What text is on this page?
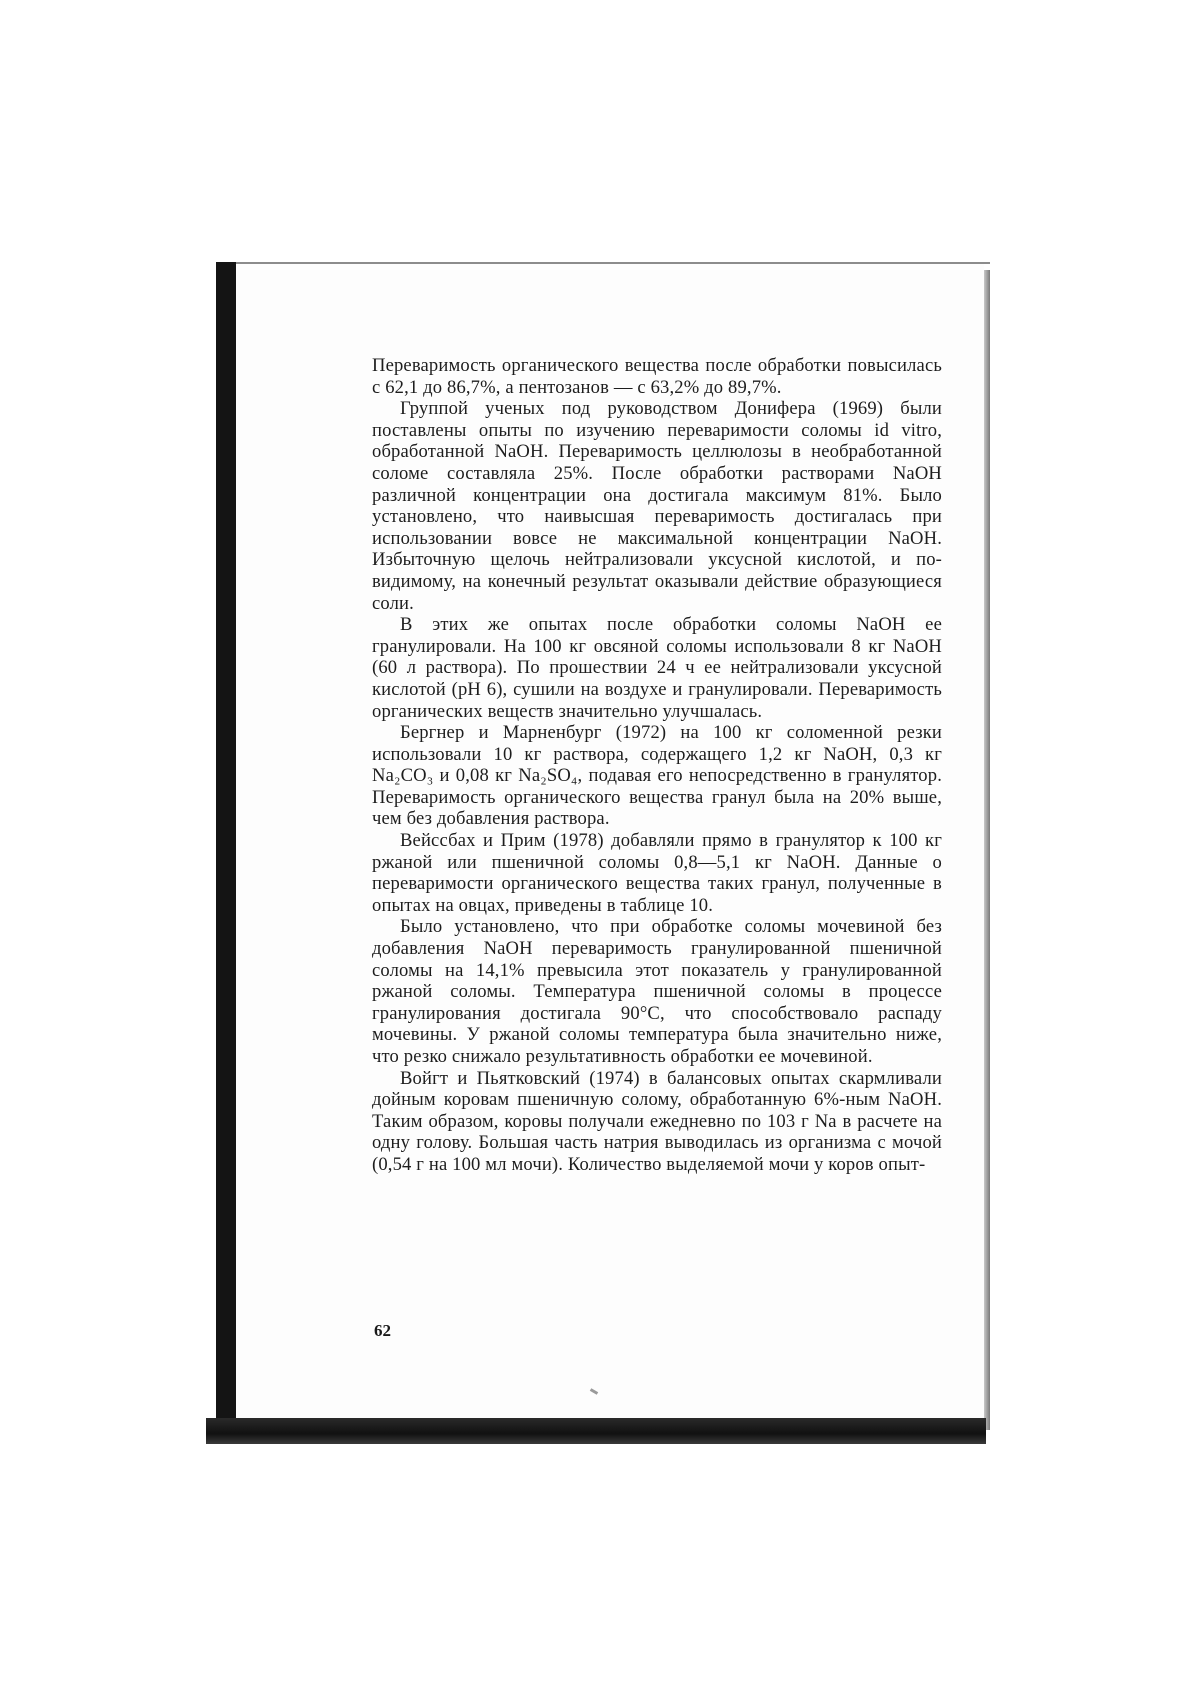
Переваримость органического вещества после обработки повысилась с 62,1 до 86,7%, а пентозанов — с 63,2% до 89,7%.

Группой ученых под руководством Донифера (1969) были поставлены опыты по изучению переваримости соломы id vitro, обработанной NaOH. Переваримость целлюлозы в необработанной соломе составляла 25%. После обработки растворами NaOH различной концентрации она достигала максимум 81%. Было установлено, что наивысшая переваримость достигалась при использовании вовсе не максимальной концентрации NaOH. Избыточную щелочь нейтрализовали уксусной кислотой, и по-видимому, на конечный результат оказывали действие образующиеся соли.

В этих же опытах после обработки соломы NaOH ее гранулировали. На 100 кг овсяной соломы использовали 8 кг NaOH (60 л раствора). По прошествии 24 ч ее нейтрализовали уксусной кислотой (pH 6), сушили на воздухе и гранулировали. Переваримость органических веществ значительно улучшалась.

Бергнер и Марненбург (1972) на 100 кг соломенной резки использовали 10 кг раствора, содержащего 1,2 кг NaOH, 0,3 кг Na₂CO₃ и 0,08 кг Na₂SO₄, подавая его непосредственно в гранулятор. Переваримость органического вещества гранул была на 20% выше, чем без добавления раствора.

Вейссбах и Прим (1978) добавляли прямо в гранулятор к 100 кг ржаной или пшеничной соломы 0,8—5,1 кг NaOH. Данные о переваримости органического вещества таких гранул, полученные в опытах на овцах, приведены в таблице 10.

Было установлено, что при обработке соломы мочевиной без добавления NaOH переваримость гранулированной пшеничной соломы на 14,1% превысила этот показатель у гранулированной ржаной соломы. Температура пшеничной соломы в процессе гранулирования достигала 90°С, что способствовало распаду мочевины. У ржаной соломы температура была значительно ниже, что резко снижало результативность обработки ее мочевиной.

Войгт и Пьятковский (1974) в балансовых опытах скармливали дойным коровам пшеничную солому, обработанную 6%-ным NaOH. Таким образом, коровы получали ежедневно по 103 г Na в расчете на одну голову. Большая часть натрия выводилась из организма с мочой (0,54 г на 100 мл мочи). Количество выделяемой мочи у коров опыт-

62
